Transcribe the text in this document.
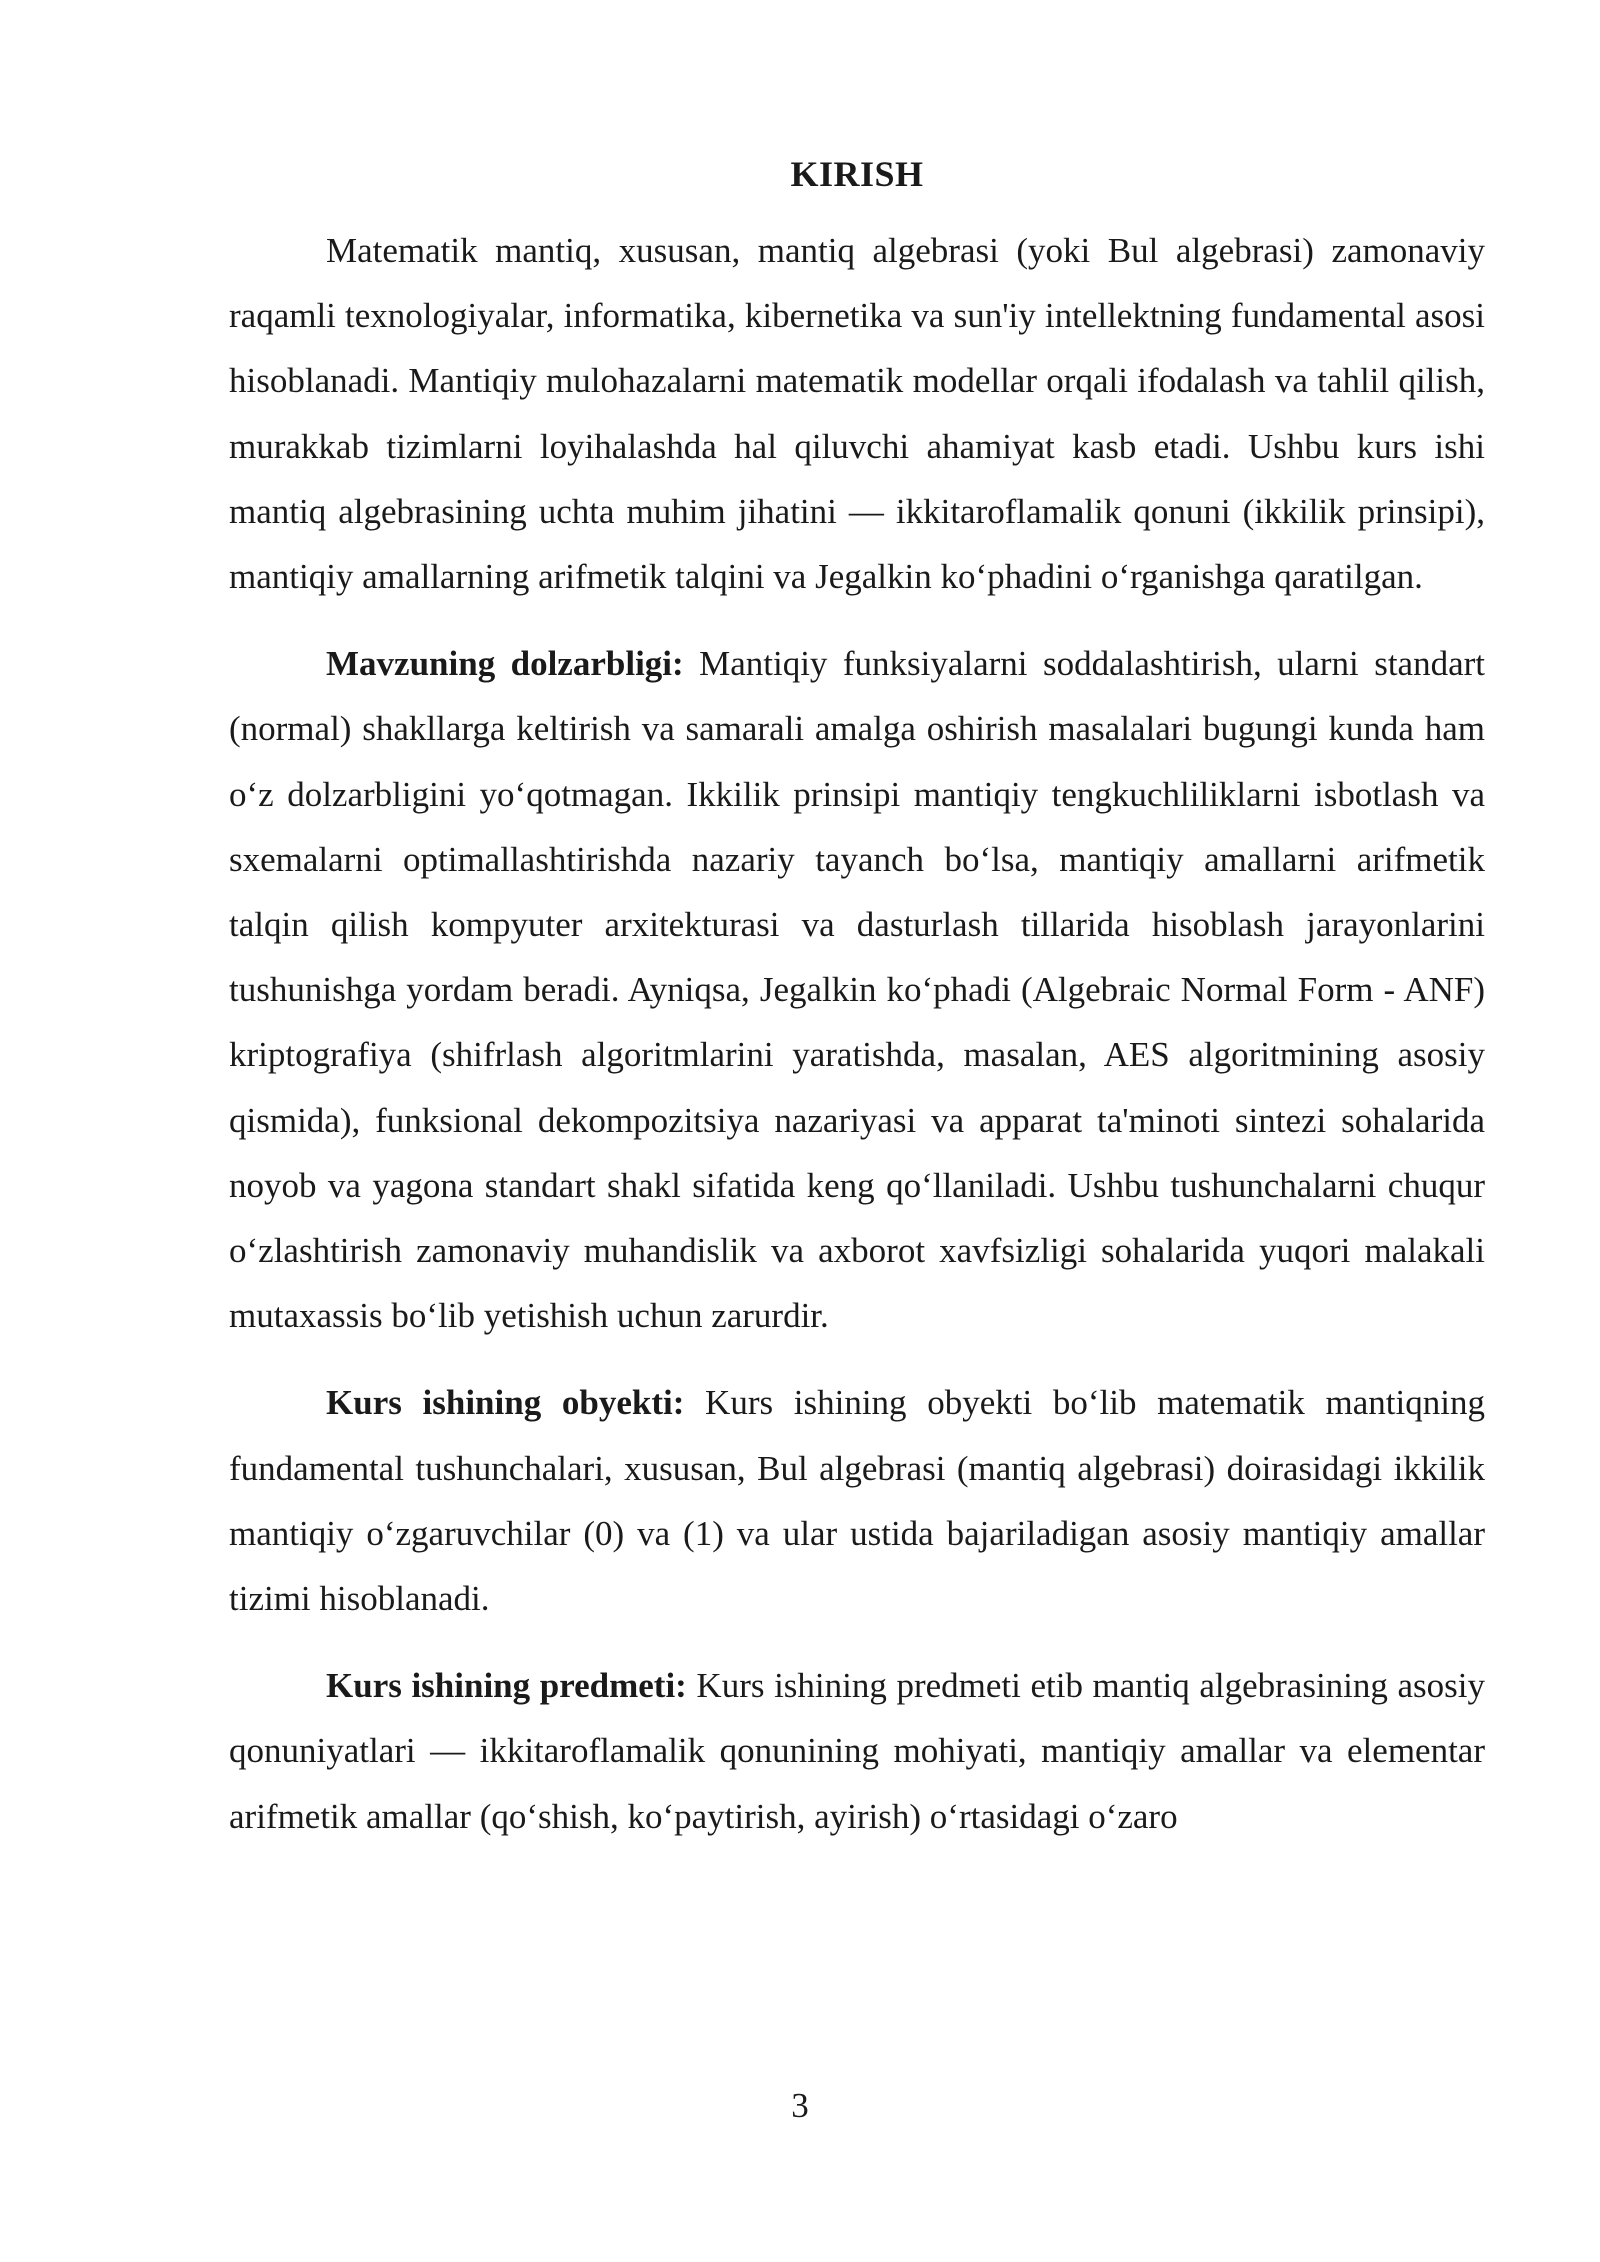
KIRISH

Matematik mantiq, xususan, mantiq algebrasi (yoki Bul algebrasi) zamonaviy raqamli texnologiyalar, informatika, kibernetika va sun'iy intellektning fundamental asosi hisoblanadi. Mantiqiy mulohazalarni matematik modellar orqali ifodalash va tahlil qilish, murakkab tizimlarni loyihalashda hal qiluvchi ahamiyat kasb etadi. Ushbu kurs ishi mantiq algebrasining uchta muhim jihatini — ikkitaroflamalik qonuni (ikkilik prinsipi), mantiqiy amallarning arifmetik talqini va Jegalkin ko‘phadini o‘rganishga qaratilgan.

Mavzuning dolzarbligi: Mantiqiy funksiyalarni soddalashtirish, ularni standart (normal) shakllarga keltirish va samarali amalga oshirish masalalari bugungi kunda ham o‘z dolzarbligini yo‘qotmagan. Ikkilik prinsipi mantiqiy tengkuchliliklarni isbotlash va sxemalarni optimallashtirishda nazariy tayanch bo‘lsa, mantiqiy amallarni arifmetik talqin qilish kompyuter arxitekturasi va dasturlash tillarida hisoblash jarayonlarini tushunishga yordam beradi. Ayniqsa, Jegalkin ko‘phadi (Algebraic Normal Form - ANF) kriptografiya (shifrlash algoritmlarini yaratishda, masalan, AES algoritmining asosiy qismida), funksional dekompozitsiya nazariyasi va apparat ta'minoti sintezi sohalarida noyob va yagona standart shakl sifatida keng qo‘llaniladi. Ushbu tushunchalarni chuqur o‘zlashtirish zamonaviy muhandislik va axborot xavfsizligi sohalarida yuqori malakali mutaxassis bo‘lib yetishish uchun zarurdir.

Kurs ishining obyekti: Kurs ishining obyekti bo‘lib matematik mantiqning fundamental tushunchalari, xususan, Bul algebrasi (mantiq algebrasi) doirasidagi ikkilik mantiqiy o‘zgaruvchilar (0) va (1) va ular ustida bajariladigan asosiy mantiqiy amallar tizimi hisoblanadi.

Kurs ishining predmeti: Kurs ishining predmeti etib mantiq algebrasining asosiy qonuniyatlari — ikkitaroflamalik qonunining mohiyati, mantiqiy amallar va elementar arifmetik amallar (qo‘shish, ko‘paytirish, ayirish) o‘rtasidagi o‘zaro

3
